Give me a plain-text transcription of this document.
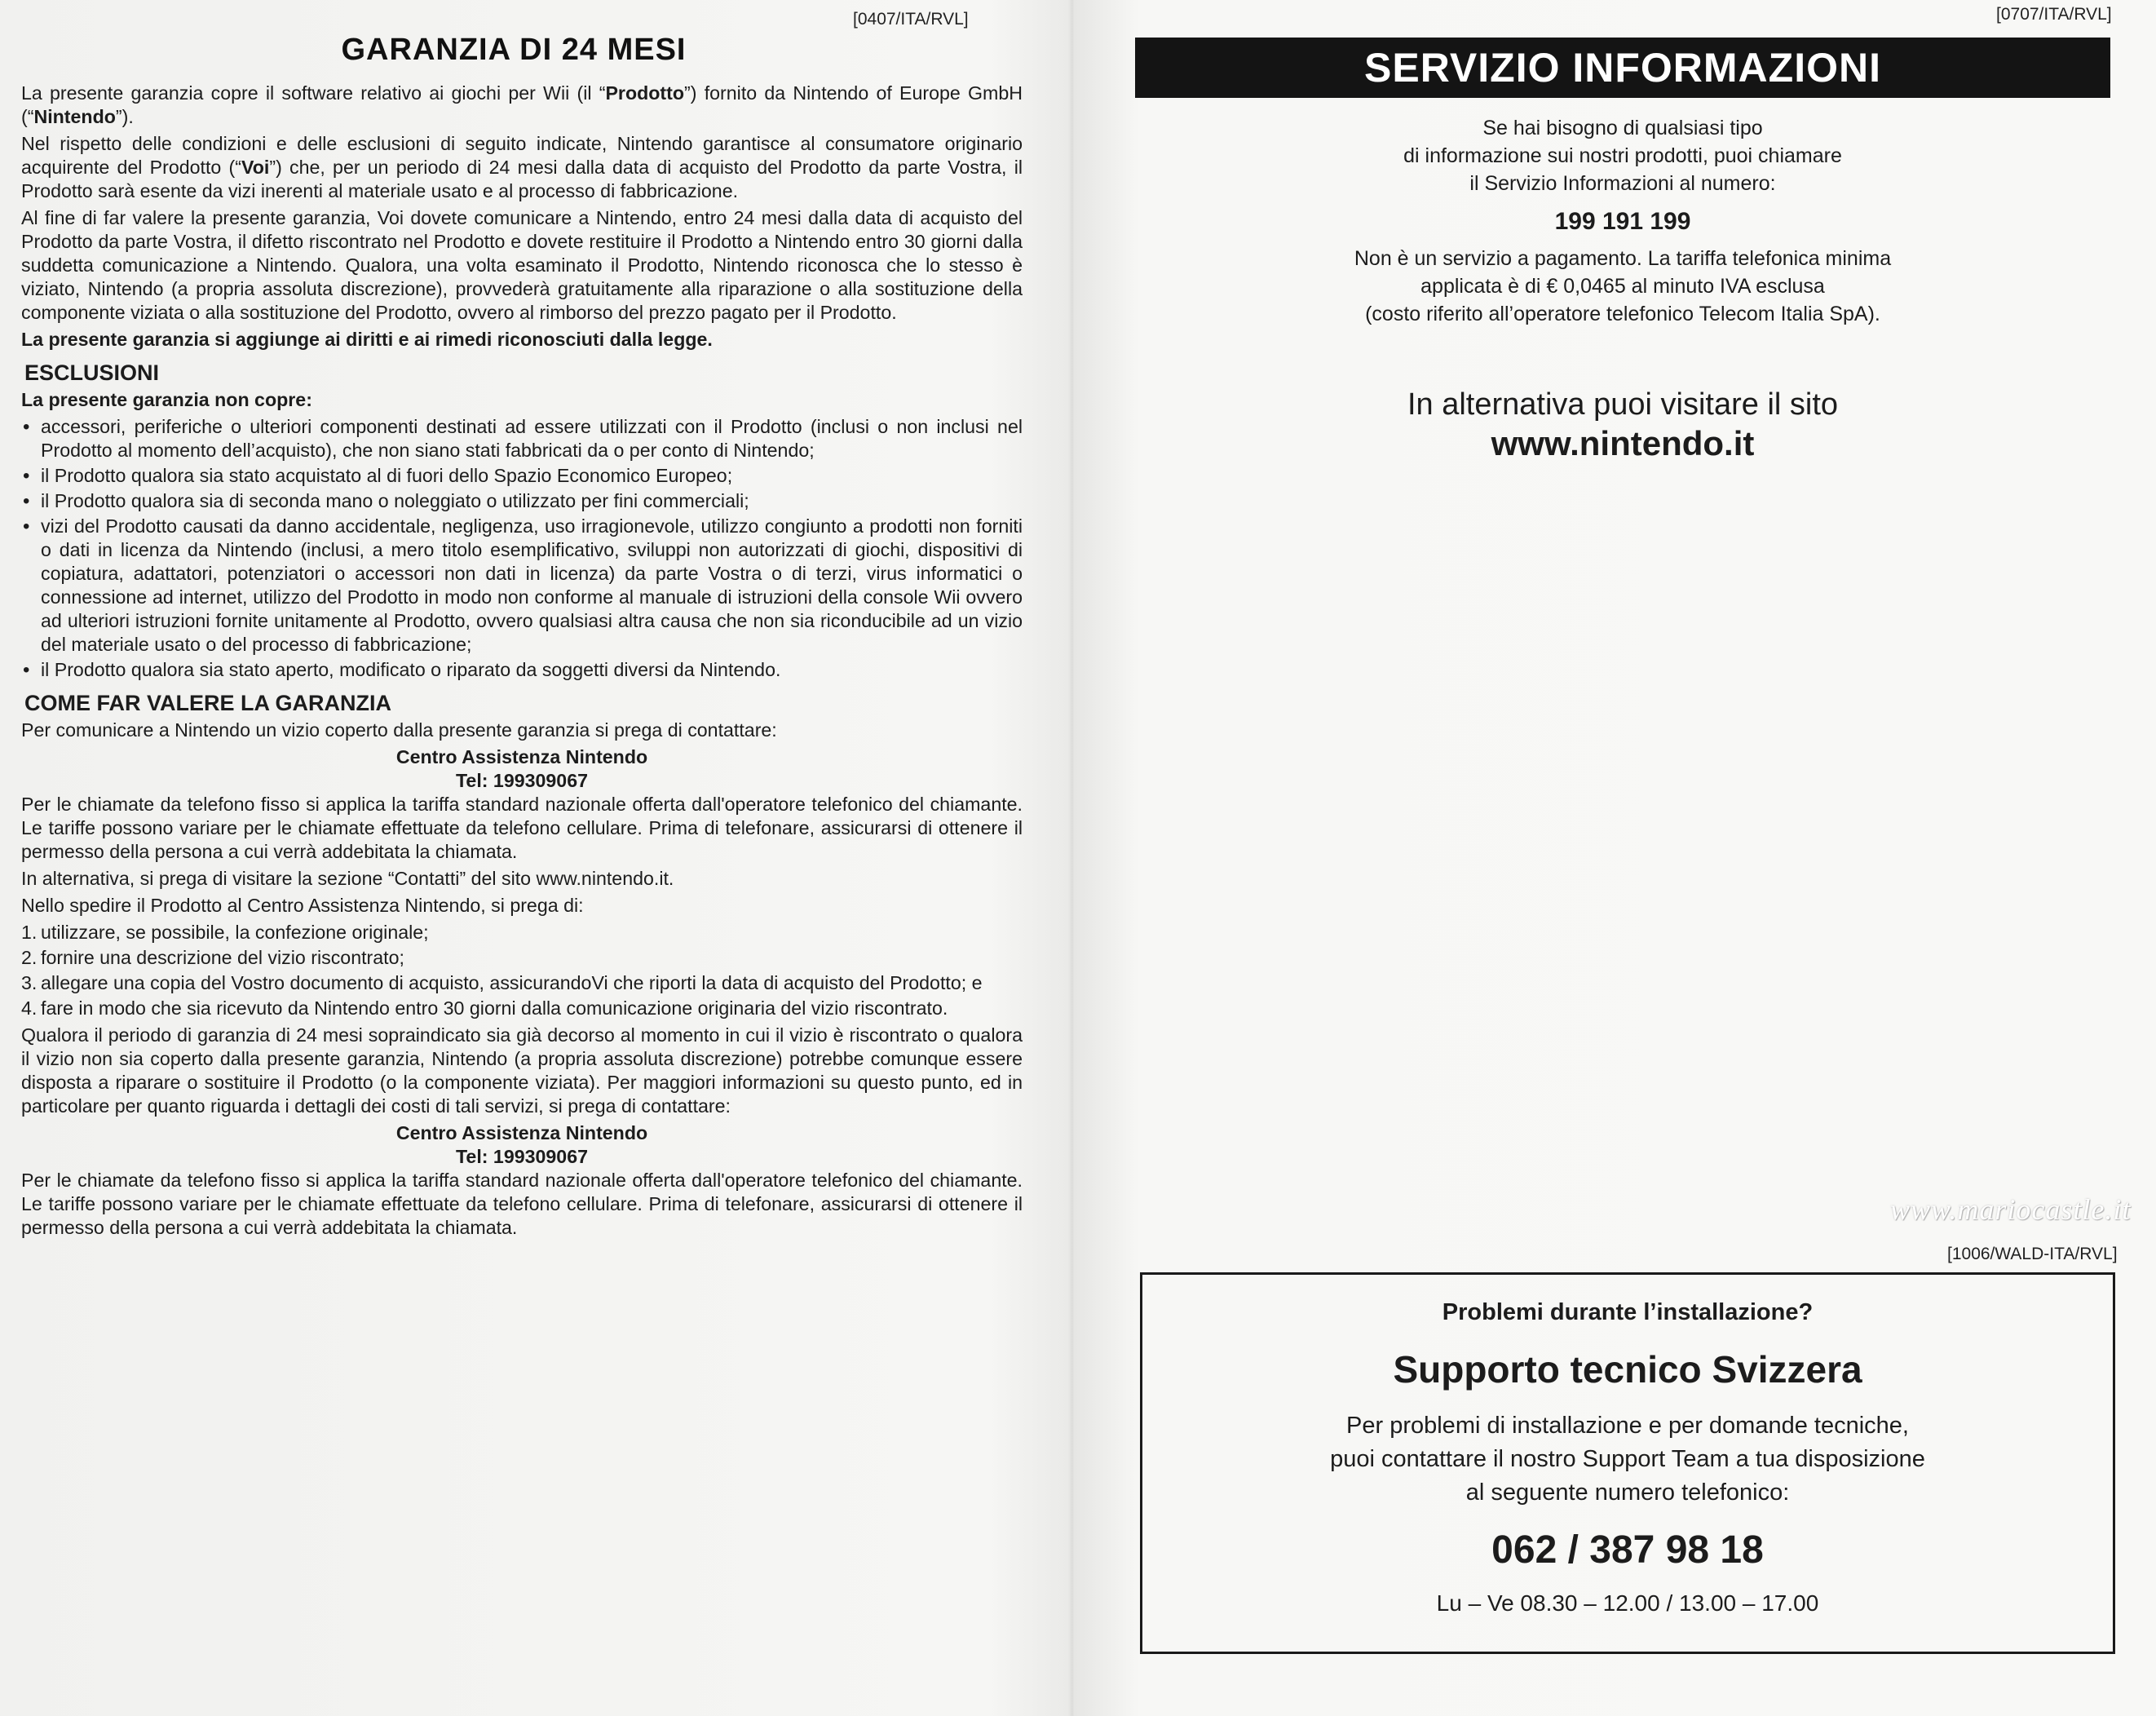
[0407/ITA/RVL]
GARANZIA DI 24 MESI

La presente garanzia copre il software relativo ai giochi per Wii (il “Prodotto”) fornito da Nintendo of Europe GmbH (“Nintendo”).

Nel rispetto delle condizioni e delle esclusioni di seguito indicate, Nintendo garantisce al consumatore originario acquirente del Prodotto (“Voi”) che, per un periodo di 24 mesi dalla data di acquisto del Prodotto da parte Vostra, il Prodotto sarà esente da vizi inerenti al materiale usato e al processo di fabbricazione.

Al fine di far valere la presente garanzia, Voi dovete comunicare a Nintendo, entro 24 mesi dalla data di acquisto del Prodotto da parte Vostra, il difetto riscontrato nel Prodotto e dovete restituire il Prodotto a Nintendo entro 30 giorni dalla suddetta comunicazione a Nintendo. Qualora, una volta esaminato il Prodotto, Nintendo riconosca che lo stesso è viziato, Nintendo (a propria assoluta discrezione), provvederà gratuitamente alla riparazione o alla sostituzione della componente viziata o alla sostituzione del Prodotto, ovvero al rimborso del prezzo pagato per il Prodotto.

La presente garanzia si aggiunge ai diritti e ai rimedi riconosciuti dalla legge.

ESCLUSIONI

La presente garanzia non copre:

• accessori, periferiche o ulteriori componenti destinati ad essere utilizzati con il Prodotto (inclusi o non inclusi nel Prodotto al momento dell’acquisto), che non siano stati fabbricati da o per conto di Nintendo;
• il Prodotto qualora sia stato acquistato al di fuori dello Spazio Economico Europeo;
• il Prodotto qualora sia di seconda mano o noleggiato o utilizzato per fini commerciali;
• vizi del Prodotto causati da danno accidentale, negligenza, uso irragionevole, utilizzo congiunto a prodotti non forniti o dati in licenza da Nintendo (inclusi, a mero titolo esemplificativo, sviluppi non autorizzati di giochi, dispositivi di copiatura, adattatori, potenziatori o accessori non dati in licenza) da parte Vostra o di terzi, virus informatici o connessione ad internet, utilizzo del Prodotto in modo non conforme al manuale di istruzioni della console Wii ovvero ad ulteriori istruzioni fornite unitamente al Prodotto, ovvero qualsiasi altra causa che non sia riconducibile ad un vizio del materiale usato o del processo di fabbricazione;
• il Prodotto qualora sia stato aperto, modificato o riparato da soggetti diversi da Nintendo.
COME FAR VALERE LA GARANZIA

Per comunicare a Nintendo un vizio coperto dalla presente garanzia si prega di contattare:

Centro Assistenza Nintendo

Tel: 199309067

Per le chiamate da telefono fisso si applica la tariffa standard nazionale offerta dall'operatore telefonico del chiamante. Le tariffe possono variare per le chiamate effettuate da telefono cellulare. Prima di telefonare, assicurarsi di ottenere il permesso della persona a cui verrà addebitata la chiamata.

In alternativa, si prega di visitare la sezione “Contatti” del sito www.nintendo.it.

Nello spedire il Prodotto al Centro Assistenza Nintendo, si prega di:

1. utilizzare, se possibile, la confezione originale;
2. fornire una descrizione del vizio riscontrato;
3. allegare una copia del Vostro documento di acquisto, assicurandoVi che riporti la data di acquisto del Prodotto; e
4. fare in modo che sia ricevuto da Nintendo entro 30 giorni dalla comunicazione originaria del vizio riscontrato.

Qualora il periodo di garanzia di 24 mesi sopraindicato sia già decorso al momento in cui il vizio è riscontrato o qualora il vizio non sia coperto dalla presente garanzia, Nintendo (a propria assoluta discrezione) potrebbe comunque essere disposta a riparare o sostituire il Prodotto (o la componente viziata). Per maggiori informazioni su questo punto, ed in particolare per quanto riguarda i dettagli dei costi di tali servizi, si prega di contattare:

Centro Assistenza Nintendo

Tel: 199309067

Per le chiamate da telefono fisso si applica la tariffa standard nazionale offerta dall'operatore telefonico del chiamante. Le tariffe possono variare per le chiamate effettuate da telefono cellulare. Prima di telefonare, assicurarsi di ottenere il permesso della persona a cui verrà addebitata la chiamata.

[0707/ITA/RVL]
SERVIZIO INFORMAZIONI

Se hai bisogno di qualsiasi tipo

di informazione sui nostri prodotti, puoi chiamare

il Servizio Informazioni al numero:

199 191 199

Non è un servizio a pagamento. La tariffa telefonica minima

applicata è di € 0,0465 al minuto IVA esclusa

(costo riferito all’operatore telefonico Telecom Italia SpA).

In alternativa puoi visitare il sito
www.nintendo.it
www.mariocastle.it
[1006/WALD-ITA/RVL]
Problemi durante l’installazione?
Supporto tecnico Svizzera
Per problemi di installazione e per domande tecniche,
puoi contattare il nostro Support Team a tua disposizione
al seguente numero telefonico:
062 / 387 98 18
Lu – Ve 08.30 – 12.00 / 13.00 – 17.00
